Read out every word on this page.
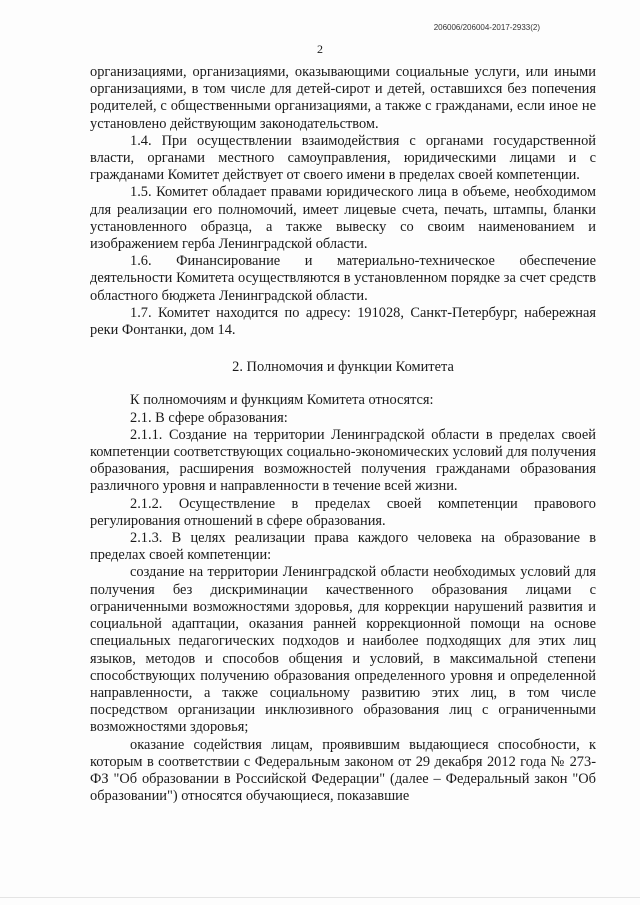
206006/206004-2017-2933(2)
2

организациями, организациями, оказывающими социальные услуги, или иными организациями, в том числе для детей-сирот и детей, оставшихся без попечения родителей, с общественными организациями, а также с гражданами, если иное не установлено действующим законодательством.

1.4. При осуществлении взаимодействия с органами государственной власти, органами местного самоуправления, юридическими лицами и с гражданами Комитет действует от своего имени в пределах своей компетенции.

1.5. Комитет обладает правами юридического лица в объеме, необходимом для реализации его полномочий, имеет лицевые счета, печать, штампы, бланки установленного образца, а также вывеску со своим наименованием и изображением герба Ленинградской области.

1.6. Финансирование и материально-техническое обеспечение деятельности Комитета осуществляются в установленном порядке за счет средств областного бюджета Ленинградской области.

1.7. Комитет находится по адресу: 191028, Санкт-Петербург, набережная реки Фонтанки, дом 14.

2. Полномочия и функции Комитета

К полномочиям и функциям Комитета относятся:

2.1. В сфере образования:

2.1.1. Создание на территории Ленинградской области в пределах своей компетенции соответствующих социально-экономических условий для получения образования, расширения возможностей получения гражданами образования различного уровня и направленности в течение всей жизни.

2.1.2. Осуществление в пределах своей компетенции правового регулирования отношений в сфере образования.

2.1.3. В целях реализации права каждого человека на образование в пределах своей компетенции:

создание на территории Ленинградской области необходимых условий для получения без дискриминации качественного образования лицами с ограниченными возможностями здоровья, для коррекции нарушений развития и социальной адаптации, оказания ранней коррекционной помощи на основе специальных педагогических подходов и наиболее подходящих для этих лиц языков, методов и способов общения и условий, в максимальной степени способствующих получению образования определенного уровня и определенной направленности, а также социальному развитию этих лиц, в том числе посредством организации инклюзивного образования лиц с ограниченными возможностями здоровья;

оказание содействия лицам, проявившим выдающиеся способности, к которым в соответствии с Федеральным законом от 29 декабря 2012 года № 273-ФЗ "Об образовании в Российской Федерации" (далее – Федеральный закон "Об образовании") относятся обучающиеся, показавшие
